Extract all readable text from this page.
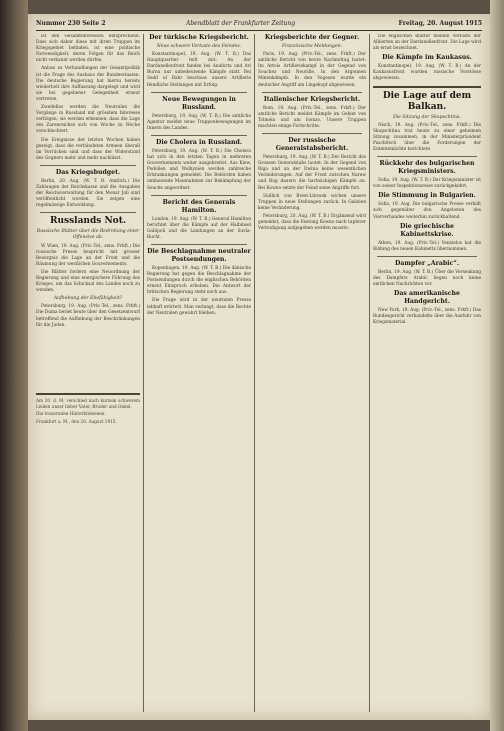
Nummer 230 Seite 2	Abendblatt der Frankfurter Zeitung	Freitag, 20. August 1915

ist den Gesamtinteressen entsprechend. Dass sich daher diese mit ihren Truppen im Kriegsgebiet befinden, ist eine politische Notwendigkeit, deren Folgen für das Reich nicht verkannt werden dürfen.

Anlass zu Verhandlungen der Gesamtpolitik ist die Frage des Ausbaus der Bundesstaaten. Die deutsche Regierung hat hierzu bereits wiederholt ihre Auffassung dargelegt und wird sie bei gegebener Gelegenheit erneut vertreten.

Zweifellos werden die Neutralen die Vorgänge in Russland mit grösstem Interesse verfolgen; sie werden erkennen, dass die Lage des Zarenreiches sich von Woche zu Woche verschlechtert.

Die Ereignisse der letzten Wochen haben gezeigt, dass die verbündeten Armeen überall im Vorrücken sind und dass der Widerstand des Gegners mehr und mehr nachlässt.

Das Kriegsbudget.

Berlin, 20. Aug. (W. T. B. Amtlich.) Die Zahlungen der Reichskasse und die Ausgaben der Reichsverwaltung für den Monat Juli sind veröffentlicht worden. Sie zeigen eine regelmässige Entwicklung.

Russlands Not.

Russische Blätter über die Bedrohung einer Offensive ab.

W Wien, 19. Aug. (Priv.-Tel., zens. Frkft.) Die russische Presse bespricht mit grosser Besorgnis die Lage an der Front und die Räumung der westlichen Gouvernements.

Die Blätter fordern eine Neuordnung der Regierung und eine energischere Führung des Krieges, um das Schicksal des Landes noch zu wenden.

Aufhebung der Ehefähigkeit?

Petersburg, 19. Aug. (Priv.-Tel., zens. Frkft.) Die Duma beriet heute über den Gesetzentwurf betreffend die Aufhebung der Beschränkungen für die Juden.

Der türkische Kriegsbericht.

Neue schwere Verluste des Feindes.

Konstantinopel, 19. Aug. (W. T. B.) Das Hauptquartier teilt mit: An der Dardanellenfront fanden bei Anaforta und Ari Burnu nur unbedeutende Kämpfe statt. Bei Sedd ul Bahr beschoss unsere Artillerie feindliche Stellungen mit Erfolg.

Neue Bewegungen in Russland.

Petersburg, 19. Aug. (W. T. B.) Die amtliche Agentur meldet neue Truppenbewegungen im Innern des Landes.

Die Cholera in Russland.

Petersburg, 19. Aug. (W. T. B.) Die Cholera hat sich in den letzten Tagen in mehreren Gouvernements weiter ausgebreitet. Aus Kiew, Podolien und Wolhynien werden zahlreiche Erkrankungen gemeldet. Die Behörden haben umfassende Massnahmen zur Bekämpfung der Seuche angeordnet.

Bericht des Generals Hamilton.

London, 19. Aug. (W. T. B.) General Hamilton berichtet über die Kämpfe auf der Halbinsel Gallipoli und die Landungen an der Suvla-Bucht.

Die Beschlagnahme neutraler Postsendungen.

Kopenhagen, 19. Aug. (W. T. B.) Die dänische Regierung hat gegen die Beschlagnahme der Postsendungen durch die englischen Behörden erneut Einspruch erhoben. Die Antwort der britischen Regierung steht noch aus.

Die Frage wird in der neutralen Presse lebhaft erörtert. Man verlangt, dass die Rechte der Neutralen gewahrt bleiben.

Kriegsberichte der Gegner.

Französische Meldungen.

Paris, 19. Aug. (Priv.-Tel., zens. Frkft.) Der amtliche Bericht von heute Nachmittag lautet: Im Artois Artilleriekampf in der Gegend von Souchez und Neuville. In den Argonnen Minenkämpfe. In den Vogesen wurde ein deutscher Angriff am Lingekopf abgewiesen.

Italienischer Kriegsbericht.

Rom, 19. Aug. (Priv.-Tel., zens. Frkft.) Der amtliche Bericht meldet Kämpfe im Gebiet von Tolmein und am Isonzo. Unsere Truppen machten einige Fortschritte.

Der russische Generalstabsbericht.

Petersburg, 19. Aug. (W. T. B.) Der Bericht des Grossen Generalstabs lautet: In der Gegend von Riga und an der Dwina keine wesentlichen Veränderungen. Auf der Front zwischen Narew und Bug dauern die hartnäckigen Kämpfe an. Bei Kowno setzte der Feind seine Angriffe fort.

Südlich von Brest-Litowsk wichen unsere Truppen in neue Stellungen zurück. In Galizien keine Veränderung.

Petersburg, 20. Aug. (W. T. B.) Ergänzend wird gemeldet, dass die Festung Kowno nach tapferer Verteidigung aufgegeben werden musste.

Die englischen Blätter melden Verluste der Alliierten an der Dardanellenfront. Die Lage wird als ernst bezeichnet.

Die Kämpfe im Kaukasus.

Konstantinopel, 19. Aug. (W. T. B.) An der Kaukasusfront wurden russische Vorstösse abgewiesen.

Die Lage auf dem Balkan.

Die Sitzung der Skupschtina.

Nisch, 19. Aug. (Priv.-Tel., zens. Frkft.) Die Skupschtina trat heute zu einer geheimen Sitzung zusammen, in der Ministerpräsident Paschitsch über die Forderungen der Ententemächte berichtete.

Rückkehr des bulgarischen Kriegsministers.

Sofia, 19. Aug. (W. T. B.) Der Kriegsminister ist von seiner Inspektionsreise zurückgekehrt.

Die Stimmung in Bulgarien.

Sofia, 19. Aug. Die bulgarische Presse verhält sich gegenüber den Angeboten des Vierverbandes weiterhin zurückhaltend.

Die griechische Kabinettskrise.

Athen, 19. Aug. (Priv.-Tel.) Venizelos hat die Bildung des neuen Kabinetts übernommen.

Dampfer „Arabic“.

Berlin, 19. Aug. (W. T. B.) Über die Versenkung des Dampfers Arabic liegen noch keine amtlichen Nachrichten vor.

Das amerikanische Handgericht.

New York, 19. Aug. (Priv.-Tel., zens. Frkft.) Das Bundesgericht verhandelte über die Ausfuhr von Kriegsmaterial.

Am 20. d. M. verschied nach kurzem schwerem Leiden unser lieber Vater, Bruder und Onkel.

Die trauernden Hinterbliebenen.

Frankfurt a. M., den 20. August 1915.
